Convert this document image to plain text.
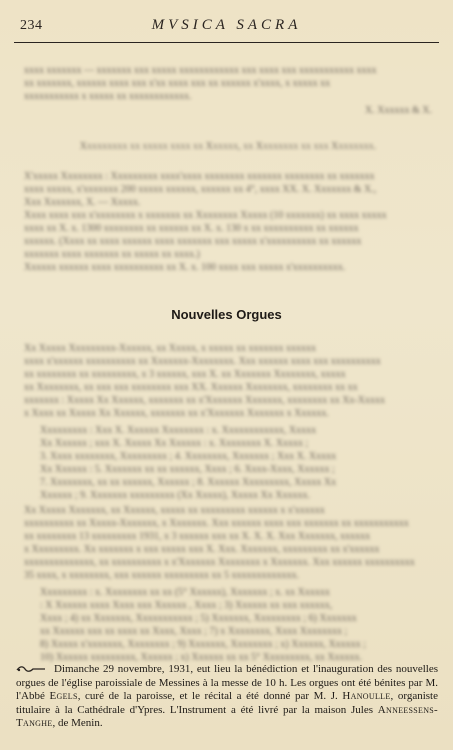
234	MVSICA SACRA
xxxx xxxxxxx — xxxxxxx xxx xxxxx xxxxxxxxxxxx xxx xxxx xxx xxxxxxxxxxx xxxx
xx xxxxxxx, xxxxxx xxxx xxx x'xx xxxx xxx xx xxxxxx x'xxxx, x xxxxx xx
xxxxxxxxxxx x xxxxx xx xxxxxxxxxxxx.
X. Xxxxxx & X.
Xxxxxxxxx xx xxxxx xxxx xx Xxxxxx, xx Xxxxxxxx xx xxx Xxxxxxxx.
X'xxxxx Xxxxxxxx : Xxxxxxxxx xxxx'xxxx xxxxxxxx xxxxxxx xxxxxxxx xx xxxxxxx
xxxx xxxxx, x'xxxxxxx 200 xxxxx xxxxxx, xxxxxx xx 4°, xxxx XX. X. Xxxxxxx & X.,
Xxx Xxxxxxx, X. — Xxxxx.
Xxxx xxxx xxx x'xxxxxxxx x xxxxxxx xx Xxxxxxxx Xxxxx (10 xxxxxxx) xx xxxx xxxxx
xxxx xx X. x. 1300 xxxxxxxx xx xxxxxx xx X. x. 130 x xx xxxxxxxxxx xx xxxxxx
xxxxxx. (Xxxx xx xxxx xxxxxx xxxx xxxxxxx xxx xxxxx x'xxxxxxxxxx xx xxxxxx
xxxxxxx xxxx xxxxxxx xx xxxxx xx xxxx.)
Xxxxxx xxxxxx xxxx xxxxxxxxxx xx X. x. 100 xxxx xxx xxxxx x'xxxxxxxxxx.
Nouvelles Orgues
Xx Xxxxx Xxxxxxxxx-Xxxxxx, xx Xxxxx, x xxxxx xx xxxxxxx xxxxxx
xxxx x'xxxxxx xxxxxxxxxx xx Xxxxxxx-Xxxxxxxx. Xxx xxxxxx xxxx xxx xxxxxxxxxx
xx xxxxxxxx xx xxxxxxxxx, x 3 xxxxxx, xxx X. xx Xxxxxxx Xxxxxxxx, xxxxx
xx Xxxxxxxx, xx xxx xxx xxxxxxxx xxx XX. Xxxxxx Xxxxxxxx, xxxxxxxx xx xx
xxxxxxx : Xxxxx Xx Xxxxxx, xxxxxxx xx x'Xxxxxxx Xxxxxxx, xxxxxxxx xx Xx-Xxxxx
x Xxxx xx Xxxxx Xx Xxxxxx, xxxxxxx xx x'Xxxxxxx Xxxxxxx x Xxxxxx.
Xxxxxxxxx : Xxx X. Xxxxxx Xxxxxxxx : x. Xxxxxxxxxxxx, Xxxxx
Xx Xxxxxx ; xxx X. Xxxxx Xx Xxxxxx : x. Xxxxxxxx X. Xxxxx ;
3. Xxxx xxxxxxxx, Xxxxxxxxx ; 4. Xxxxxxxx, Xxxxxxx ; Xxx X. Xxxxx
Xx Xxxxxx : 5. Xxxxxxx xx xx xxxxxx, Xxxx ; 6. Xxxx-Xxxx, Xxxxxx ;
7. Xxxxxxxx, xx xx xxxxxx, Xxxxxx ; 8. Xxxxxx Xxxxxxxxx, Xxxxx Xx
Xxxxxx ; 9. Xxxxxxx xxxxxxxxx (Xx Xxxxx), Xxxxx Xx Xxxxxx.
Xx Xxxxx Xxxxxxx, xx Xxxxxx, xxxxx xx xxxxxxxxx xxxxxx x x'xxxxxx
xxxxxxxxxx xx Xxxxx-Xxxxxxx, x Xxxxxxx. Xxx xxxxxx xxxx xxx xxxxxxx xx xxxxxxxxxxx
xx xxxxxxxx 13 xxxxxxxxx 1931, x 3 xxxxxx xxx xx X. X. X. Xxx Xxxxxxx, xxxxxx
x Xxxxxxxxx. Xx xxxxxxx x xxx xxxxx xxx X. Xxx. Xxxxxxx, xxxxxxxxx xx x'xxxxxx
xxxxxxxxxxxxxx, xx xxxxxxxxxx x x'Xxxxxxx Xxxxxxxx x Xxxxxxx. Xxx xxxxxx xxxxxxxxxx
35 xxxx, x xxxxxxxx, xxx xxxxxx xxxxxxxxx xx 5 xxxxxxxxxxxxx.
Xxxxxxxxx : x. Xxxxxxxx xx xx (5° Xxxxxx), Xxxxxxx ; x. xx Xxxxxx
: X Xxxxxx xxxx Xxxx xxx Xxxxxx , Xxxx ; 3) Xxxxxx xx xxx xxxxxx,
Xxxx ; 4) xx Xxxxxxx, Xxxxxxxxxxx ; 5) Xxxxxxx, Xxxxxxxxx ; 6) Xxxxxxx
xx Xxxxxx xxx xx xxxx xx Xxxx, Xxxx ; 7) x Xxxxxxxx, Xxxx Xxxxxxxx ;
8) Xxxxx x'xxxxxxx, Xxxxxxxx ; 9) Xxxxxxx, Xxxxxxxx ; x) Xxxxxx, Xxxxxx ;
10) Xxxxxx xxxxxxxxx, Xxxxxx ; x) Xxxxxx xx xx 5° Xxxxxxxxx, xx Xxxxxx.
Dimanche 29 novembre, 1931, eut lieu la bénédiction et l'inauguration des nouvelles orgues de l'église paroissiale de Messines à la messe de 10 h. Les orgues ont été bénites par M. l'Abbé Egels, curé de la paroisse, et le récital a été donné par M. J. Hanoulle, organiste titulaire à la Cathédrale d'Ypres. L'Instrument a été livré par la maison Jules Anneessens-Tanghe, de Menin.
